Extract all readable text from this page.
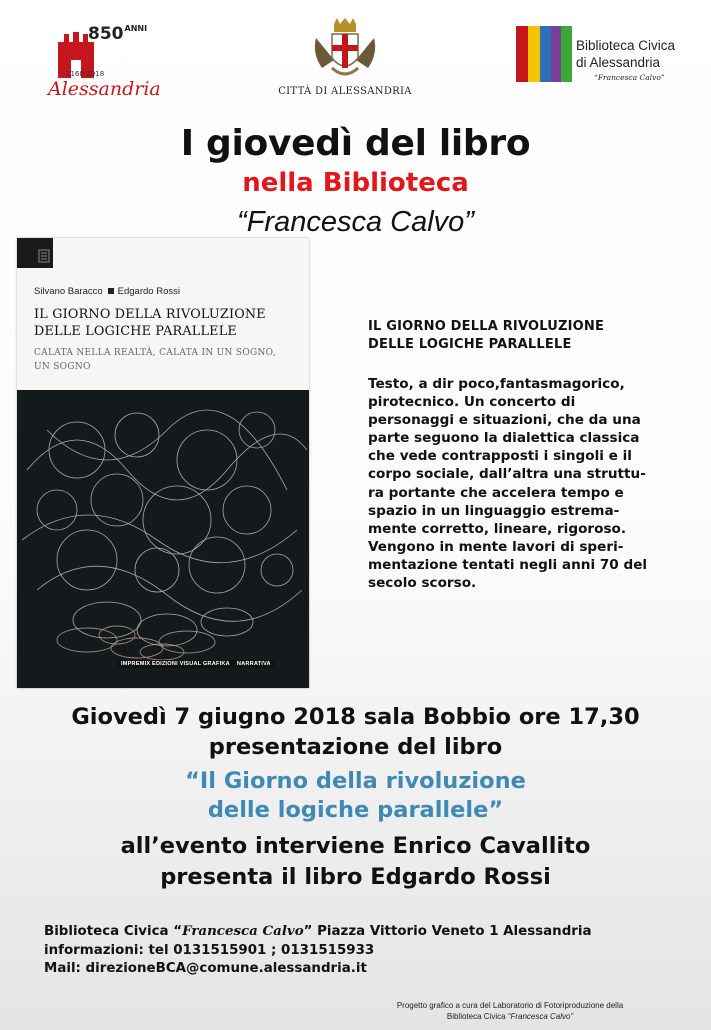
$850^{ANNI}$
1168-2018
Alessandria	CITTÀ DI ALESSANDRIA
Biblioteca Civica
di Alessandria
“Francesca Calvo”
I giovedì del libro
nella Biblioteca
“Francesca Calvo”
Silvano Baracco Edgardo Rossi
IL GIORNO DELLA RIVOLUZIONE
DELLE LOGICHE PARALLELE
CALATA NELLA REALTÀ, CALATA IN UN SOGNO,
UN SOGNO
IMPREMIX EDIZIONI VISUAL GRAFIKA NARRATIVA
IL GIORNO DELLA RIVOLUZIONE
DELLE LOGICHE PARALLELE
Testo, a dir poco,fantasmagorico,
pirotecnico. Un concerto di
personaggi e situazioni, che da una
parte seguono la dialettica classica
che vede contrapposti i singoli e il
corpo sociale, dall’altra una struttu-
ra portante che accelera tempo e
spazio in un linguaggio estrema-
mente corretto, lineare, rigoroso.
Vengono in mente lavori di speri-
mentazione tentati negli anni 70 del
secolo scorso.
Giovedì 7 giugno 2018 sala Bobbio ore 17,30
presentazione del libro
“Il Giorno della rivoluzione
delle logiche parallele”
all’evento interviene Enrico Cavallito
presenta il libro Edgardo Rossi
Biblioteca Civica “Francesca Calvo” Piazza Vittorio Veneto 1 Alessandria
informazioni: tel 0131515901 ; 0131515933
Mail: direzioneBCA@comune.alessandria.it
Progetto grafico a cura del Laboratorio di Fotoriproduzione della
Biblioteca Civica “Francesca Calvo”
